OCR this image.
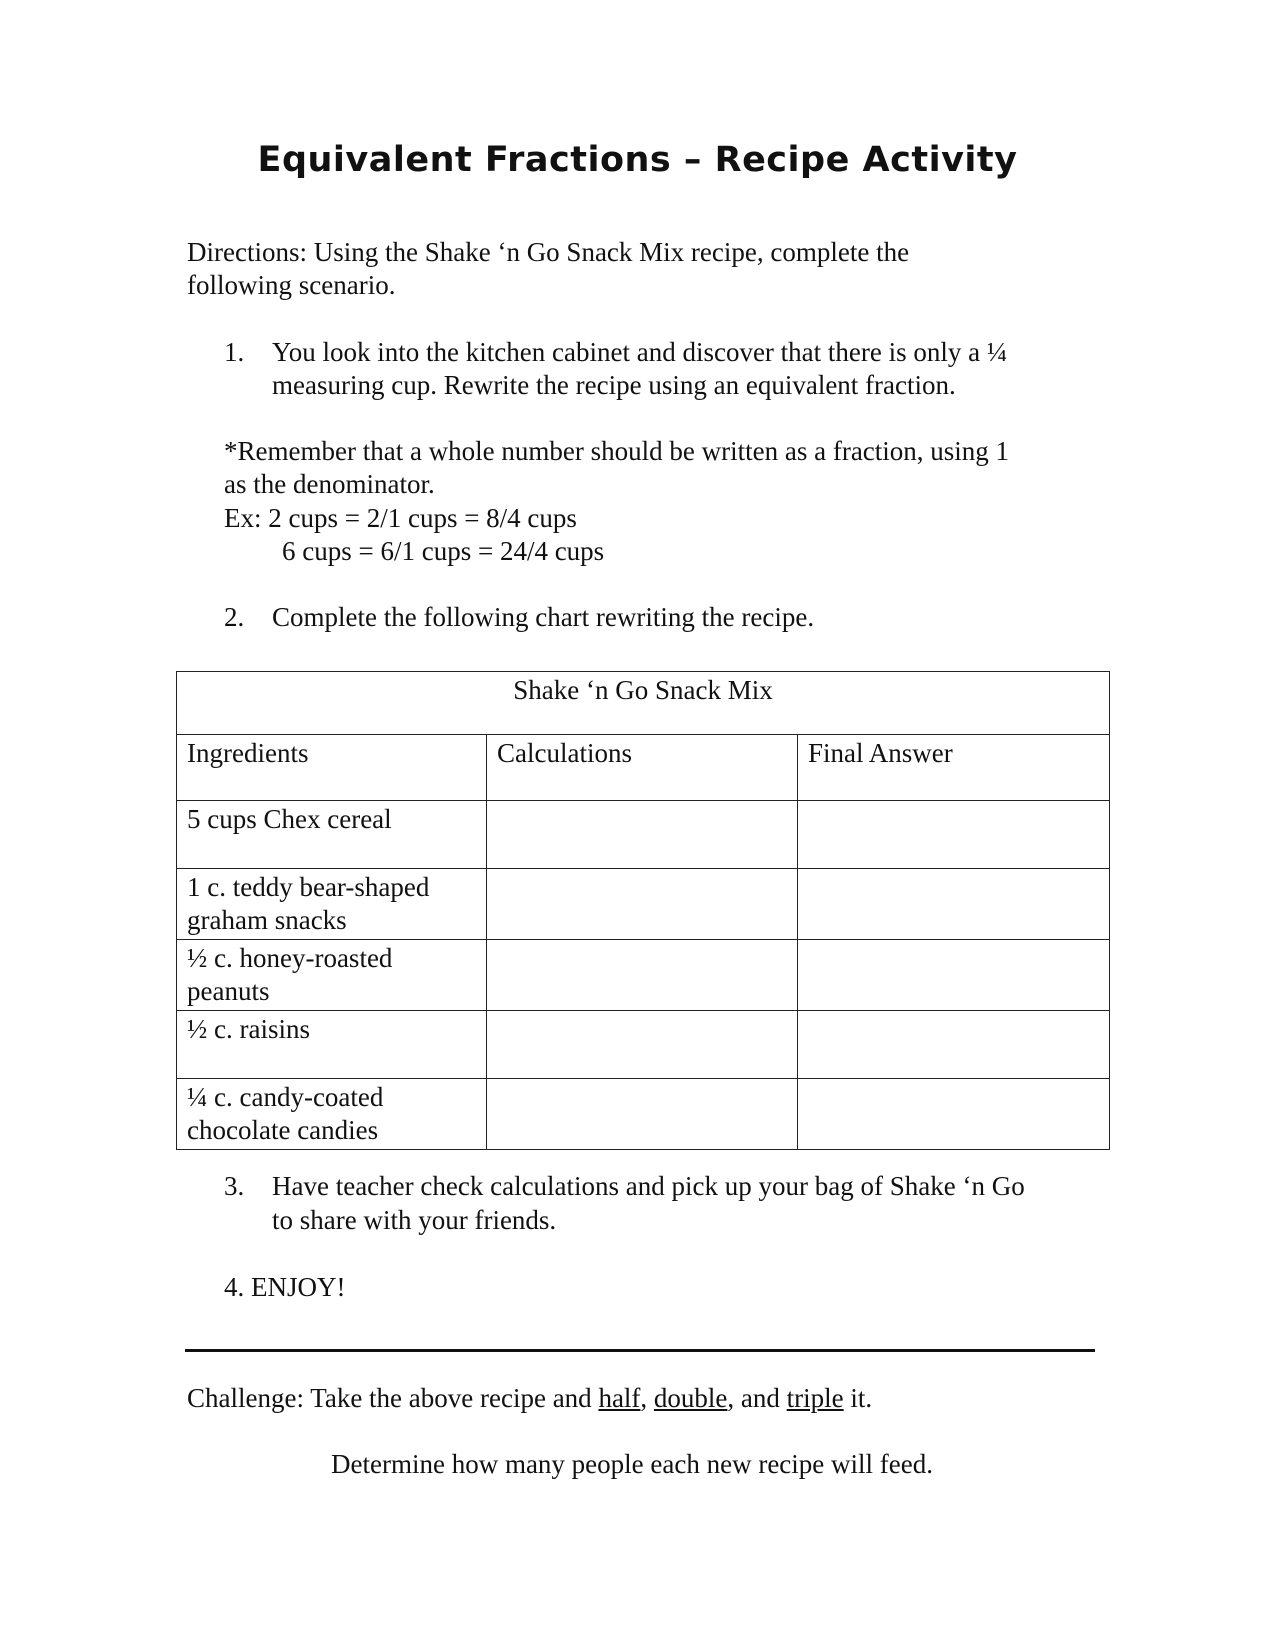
Equivalent Fractions – Recipe Activity
Directions: Using the Shake ‘n Go Snack Mix recipe, complete the
following scenario.
1. You look into the kitchen cabinet and discover that there is only a ¼
measuring cup. Rewrite the recipe using an equivalent fraction.
*Remember that a whole number should be written as a fraction, using 1
as the denominator.
Ex: 2 cups = 2/1 cups = 8/4 cups
6 cups = 6/1 cups = 24/4 cups
2. Complete the following chart rewriting the recipe.
Shake ‘n Go Snack Mix		
Ingredients	Calculations	Final Answer

5 cups Chex cereal		

1 c. teddy bear-shaped
graham snacks		

½ c. honey-roasted
peanuts		

½ c. raisins		

¼ c. candy-coated
chocolate candies		

3. Have teacher check calculations and pick up your bag of Shake ‘n Go
to share with your friends.
4. ENJOY!
Challenge: Take the above recipe and half, double, and triple it.
Determine how many people each new recipe will feed.
